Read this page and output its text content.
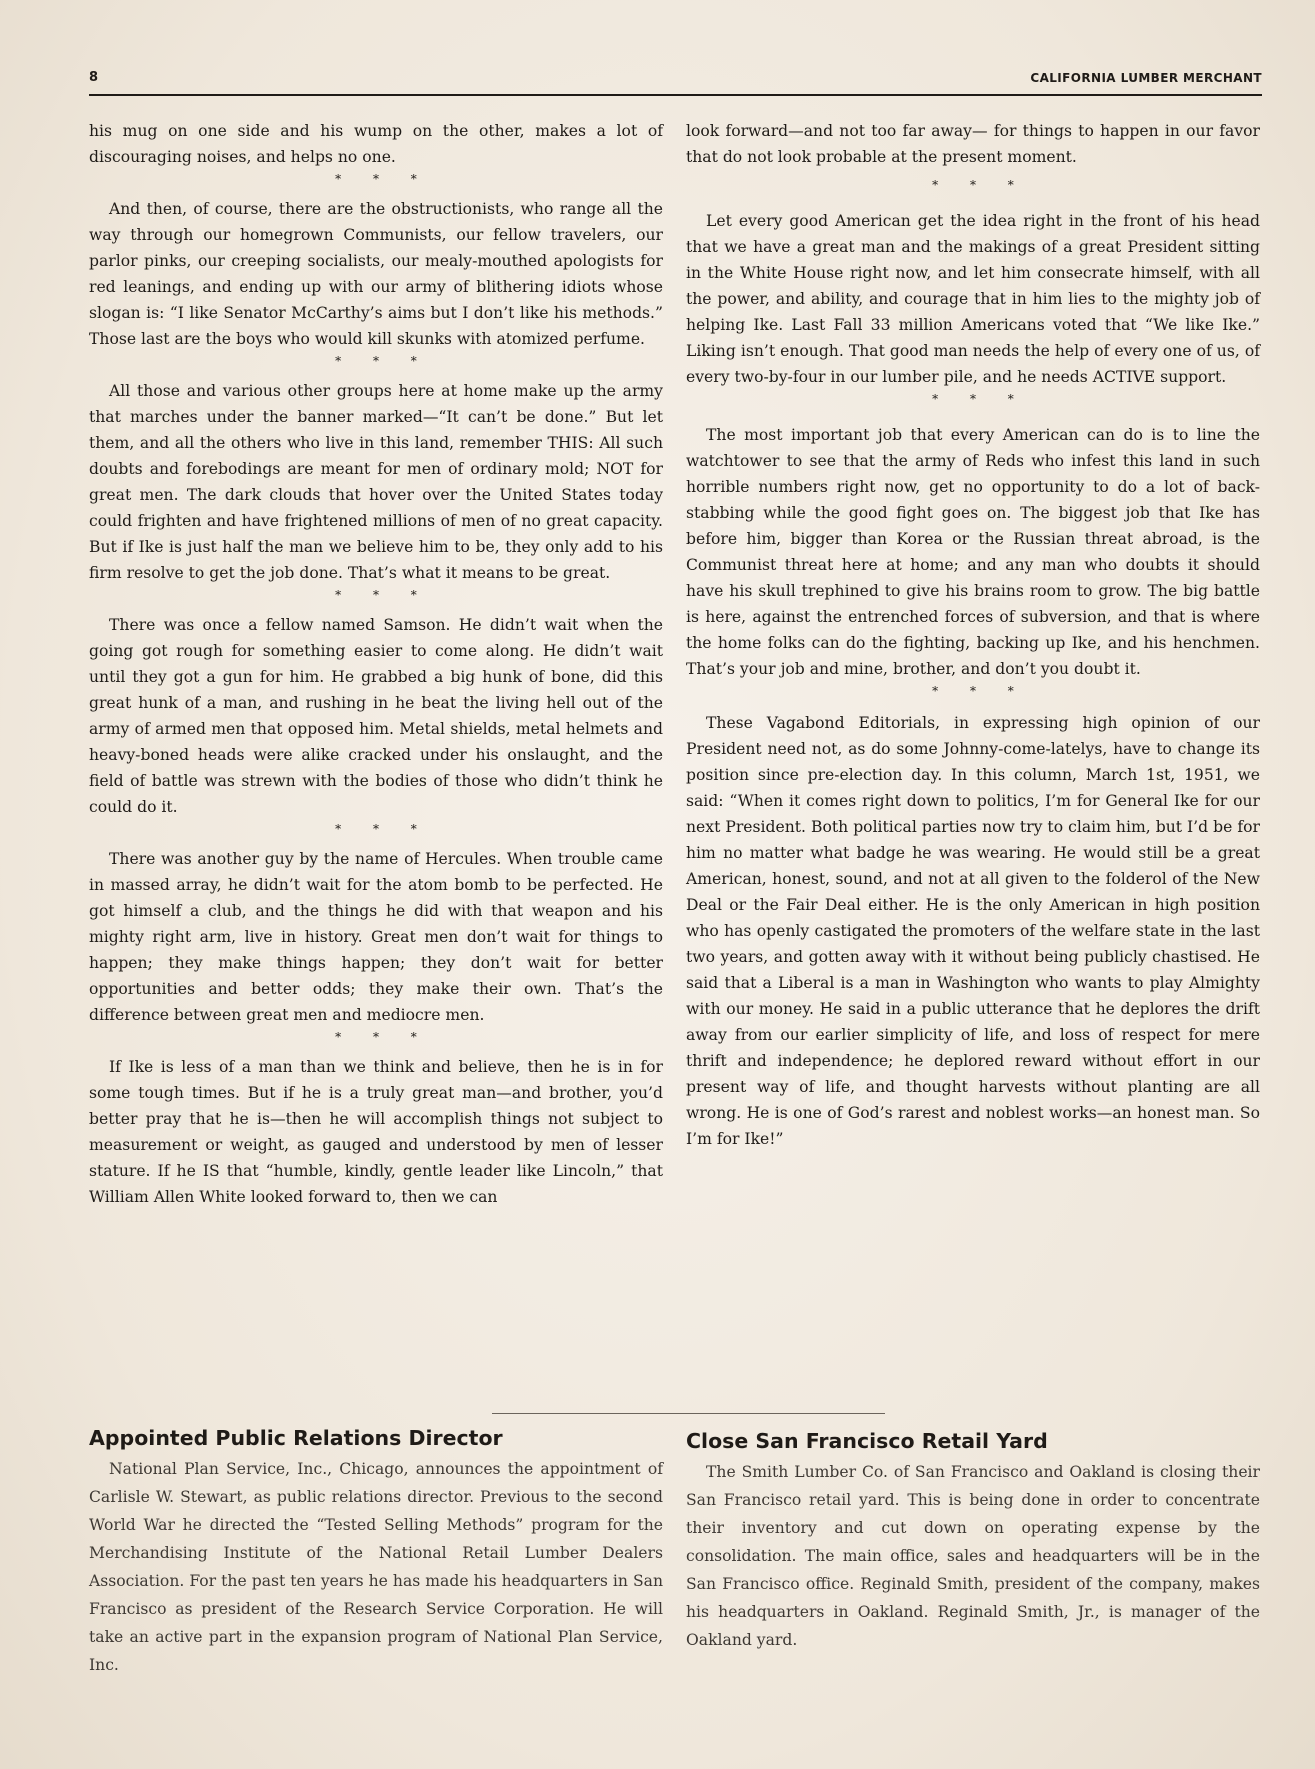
8	CALIFORNIA LUMBER MERCHANT

his mug on one side and his wump on the other, makes a lot of discouraging noises, and helps no one.

* * *

And then, of course, there are the obstructionists, who range all the way through our homegrown Communists, our fellow travelers, our parlor pinks, our creeping socialists, our mealy-mouthed apologists for red leanings, and ending up with our army of blithering idiots whose slogan is: “I like Senator McCarthy’s aims but I don’t like his methods.” Those last are the boys who would kill skunks with atomized perfume.

* * *

All those and various other groups here at home make up the army that marches under the banner marked—“It can’t be done.” But let them, and all the others who live in this land, remember THIS: All such doubts and forebodings are meant for men of ordinary mold; NOT for great men. The dark clouds that hover over the United States today could frighten and have frightened millions of men of no great capacity. But if Ike is just half the man we believe him to be, they only add to his firm resolve to get the job done. That’s what it means to be great.

* * *

There was once a fellow named Samson. He didn’t wait when the going got rough for something easier to come along. He didn’t wait until they got a gun for him. He grabbed a big hunk of bone, did this great hunk of a man, and rushing in he beat the living hell out of the army of armed men that opposed him. Metal shields, metal helmets and heavy-boned heads were alike cracked under his onslaught, and the field of battle was strewn with the bodies of those who didn’t think he could do it.

* * *

There was another guy by the name of Hercules. When trouble came in massed array, he didn’t wait for the atom bomb to be perfected. He got himself a club, and the things he did with that weapon and his mighty right arm, live in history. Great men don’t wait for things to happen; they make things happen; they don’t wait for better opportunities and better odds; they make their own. That’s the difference between great men and mediocre men.

* * *

If Ike is less of a man than we think and believe, then he is in for some tough times. But if he is a truly great man—and brother, you’d better pray that he is—then he will accomplish things not subject to measurement or weight, as gauged and understood by men of lesser stature. If he IS that “humble, kindly, gentle leader like Lincoln,” that William Allen White looked forward to, then we can

look forward—and not too far away— for things to happen in our favor that do not look probable at the present moment.

* * *

Let every good American get the idea right in the front of his head that we have a great man and the makings of a great President sitting in the White House right now, and let him consecrate himself, with all the power, and ability, and courage that in him lies to the mighty job of helping Ike. Last Fall 33 million Americans voted that “We like Ike.” Liking isn’t enough. That good man needs the help of every one of us, of every two-by-four in our lumber pile, and he needs ACTIVE support.

* * *

The most important job that every American can do is to line the watchtower to see that the army of Reds who infest this land in such horrible numbers right now, get no opportunity to do a lot of back-stabbing while the good fight goes on. The biggest job that Ike has before him, bigger than Korea or the Russian threat abroad, is the Communist threat here at home; and any man who doubts it should have his skull trephined to give his brains room to grow. The big battle is here, against the entrenched forces of subversion, and that is where the home folks can do the fighting, backing up Ike, and his henchmen. That’s your job and mine, brother, and don’t you doubt it.

* * *

These Vagabond Editorials, in expressing high opinion of our President need not, as do some Johnny-come-latelys, have to change its position since pre-election day. In this column, March 1st, 1951, we said: “When it comes right down to politics, I’m for General Ike for our next President. Both political parties now try to claim him, but I’d be for him no matter what badge he was wearing. He would still be a great American, honest, sound, and not at all given to the folderol of the New Deal or the Fair Deal either. He is the only American in high position who has openly castigated the promoters of the welfare state in the last two years, and gotten away with it without being publicly chastised. He said that a Liberal is a man in Washington who wants to play Almighty with our money. He said in a public utterance that he deplores the drift away from our earlier simplicity of life, and loss of respect for mere thrift and independence; he deplored reward without effort in our present way of life, and thought harvests without planting are all wrong. He is one of God’s rarest and noblest works—an honest man. So I’m for Ike!”

Appointed Public Relations Director

National Plan Service, Inc., Chicago, announces the appointment of Carlisle W. Stewart, as public relations director. Previous to the second World War he directed the “Tested Selling Methods” program for the Merchandising Institute of the National Retail Lumber Dealers Association. For the past ten years he has made his headquarters in San Francisco as president of the Research Service Corporation. He will take an active part in the expansion program of National Plan Service, Inc.

Close San Francisco Retail Yard

The Smith Lumber Co. of San Francisco and Oakland is closing their San Francisco retail yard. This is being done in order to concentrate their inventory and cut down on operating expense by the consolidation. The main office, sales and headquarters will be in the San Francisco office. Reginald Smith, president of the company, makes his headquarters in Oakland. Reginald Smith, Jr., is manager of the Oakland yard.
